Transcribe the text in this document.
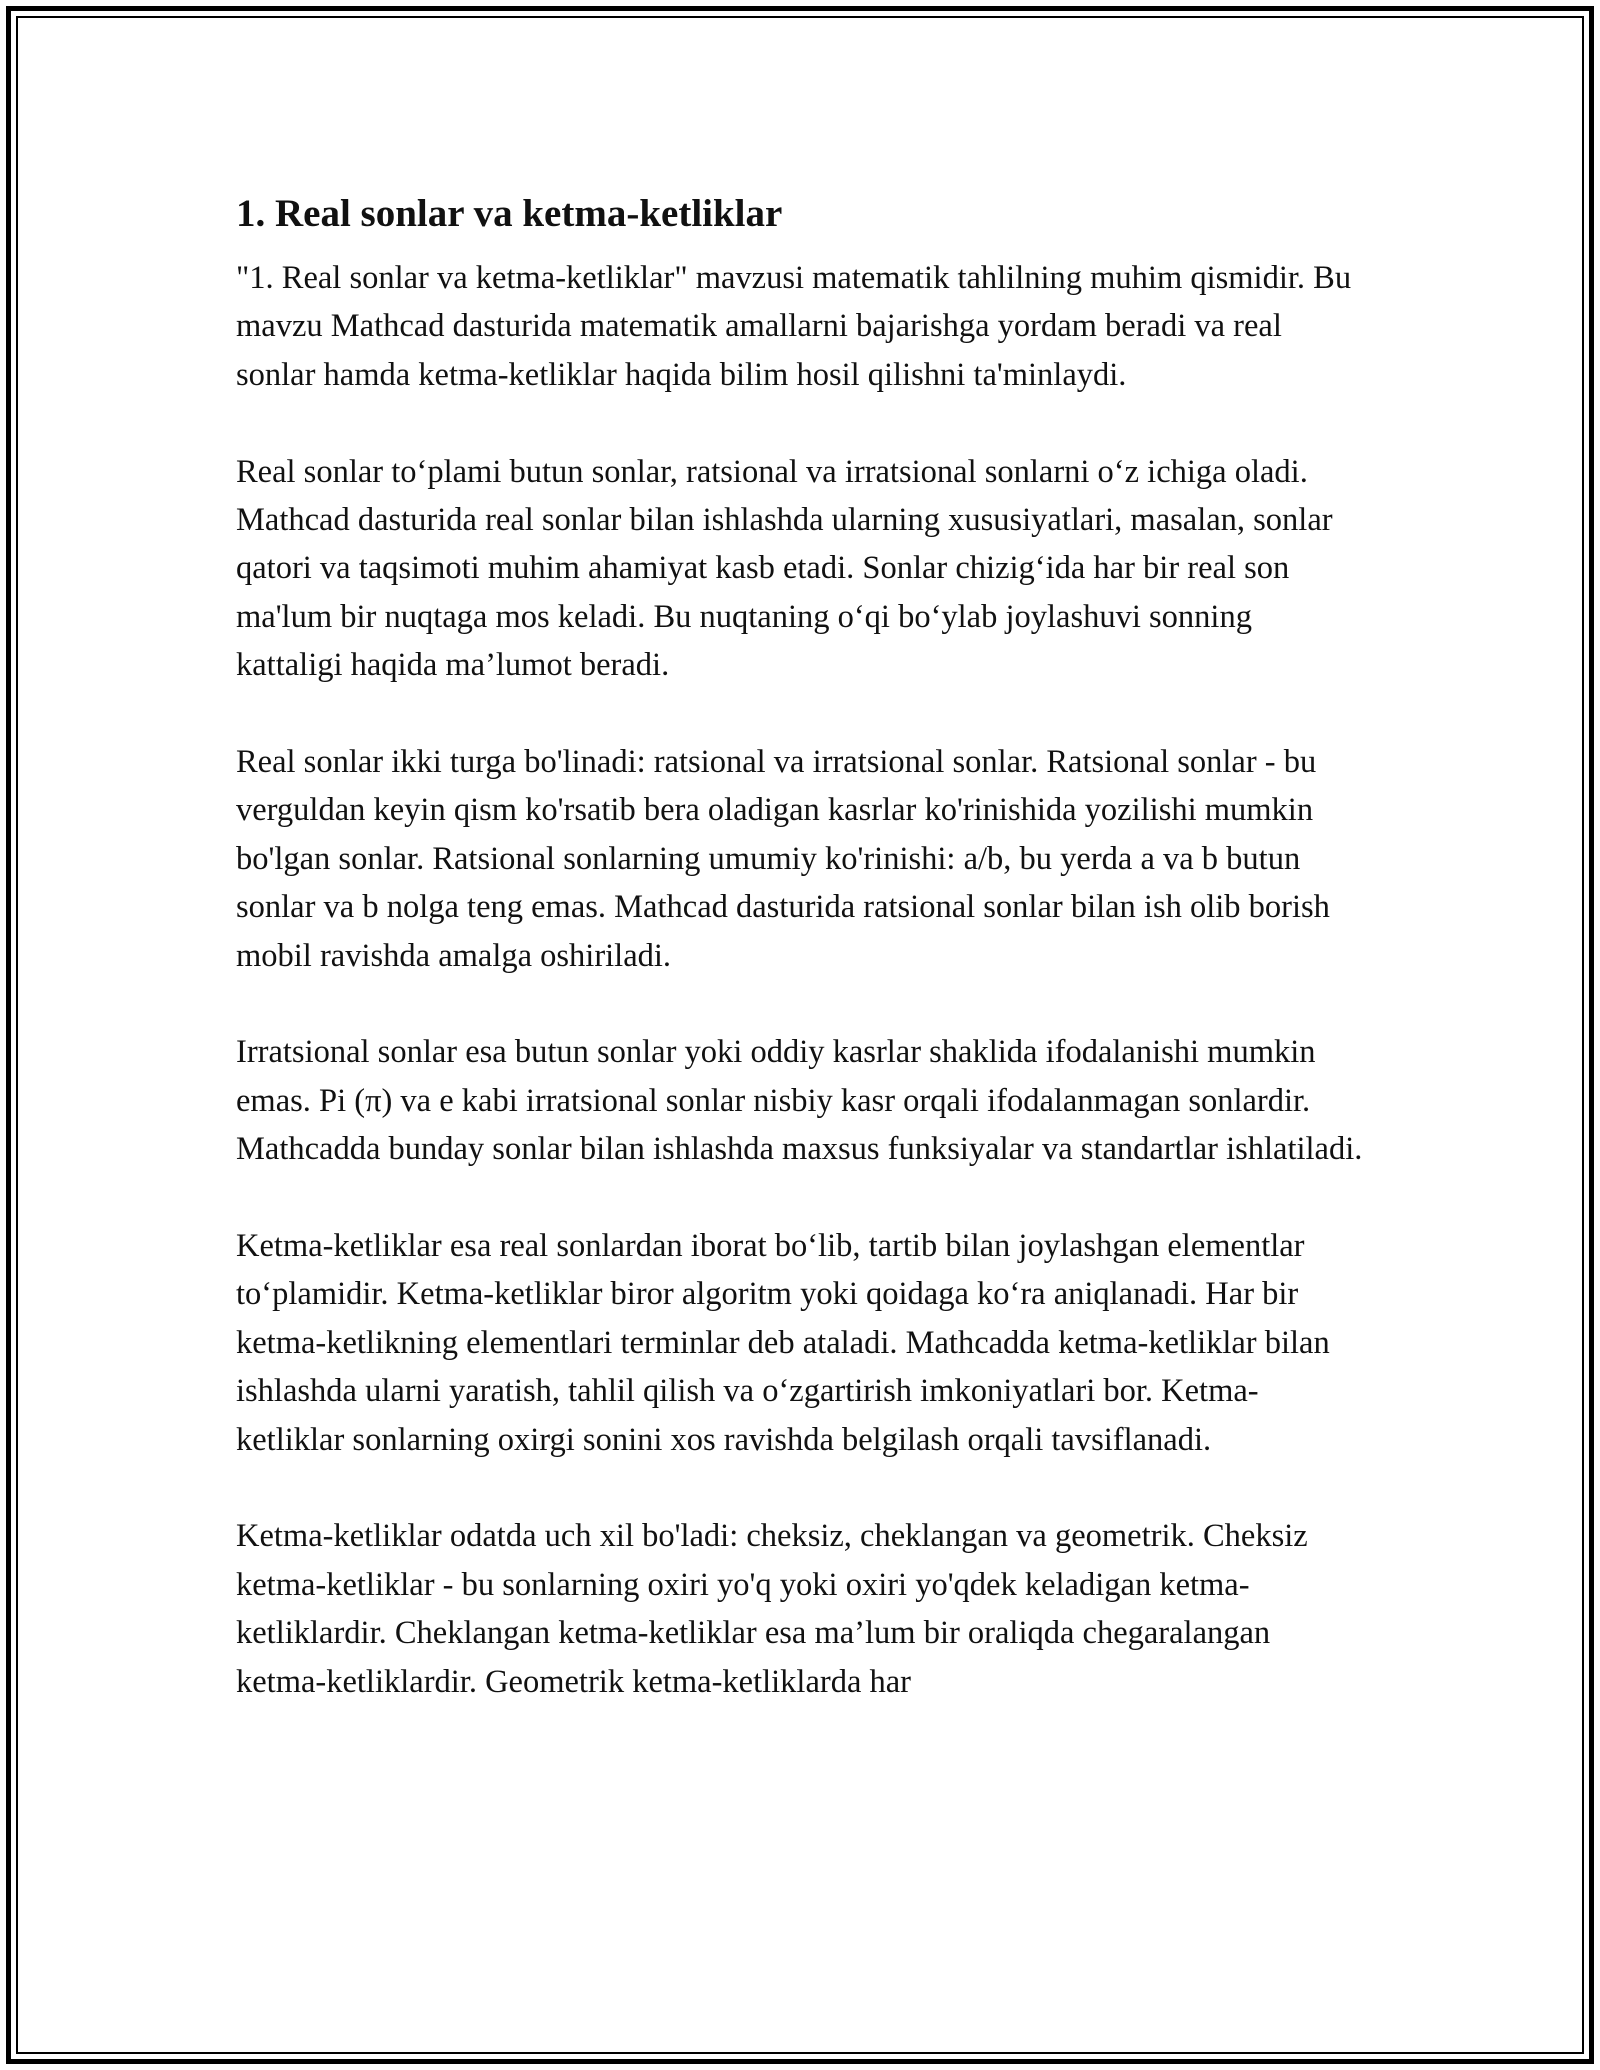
1. Real sonlar va ketma-ketliklar

"1. Real sonlar va ketma-ketliklar" mavzusi matematik tahlilning muhim qismidir. Bu mavzu Mathcad dasturida matematik amallarni bajarishga yordam beradi va real sonlar hamda ketma-ketliklar haqida bilim hosil qilishni ta'minlaydi.

Real sonlar to‘plami butun sonlar, ratsional va irratsional sonlarni o‘z ichiga oladi. Mathcad dasturida real sonlar bilan ishlashda ularning xususiyatlari, masalan, sonlar qatori va taqsimoti muhim ahamiyat kasb etadi. Sonlar chizig‘ida har bir real son ma'lum bir nuqtaga mos keladi. Bu nuqtaning o‘qi bo‘ylab joylashuvi sonning kattaligi haqida ma’lumot beradi.

Real sonlar ikki turga bo'linadi: ratsional va irratsional sonlar. Ratsional sonlar - bu verguldan keyin qism ko'rsatib bera oladigan kasrlar ko'rinishida yozilishi mumkin bo'lgan sonlar. Ratsional sonlarning umumiy ko'rinishi: a/b, bu yerda a va b butun sonlar va b nolga teng emas. Mathcad dasturida ratsional sonlar bilan ish olib borish mobil ravishda amalga oshiriladi.

Irratsional sonlar esa butun sonlar yoki oddiy kasrlar shaklida ifodalanishi mumkin emas. Pi (π) va e kabi irratsional sonlar nisbiy kasr orqali ifodalanmagan sonlardir. Mathcadda bunday sonlar bilan ishlashda maxsus funksiyalar va standartlar ishlatiladi.

Ketma-ketliklar esa real sonlardan iborat bo‘lib, tartib bilan joylashgan elementlar to‘plamidir. Ketma-ketliklar biror algoritm yoki qoidaga ko‘ra aniqlanadi. Har bir ketma-ketlikning elementlari terminlar deb ataladi. Mathcadda ketma-ketliklar bilan ishlashda ularni yaratish, tahlil qilish va o‘zgartirish imkoniyatlari bor. Ketma-ketliklar sonlarning oxirgi sonini xos ravishda belgilash orqali tavsiflanadi.

Ketma-ketliklar odatda uch xil bo'ladi: cheksiz, cheklangan va geometrik. Cheksiz ketma-ketliklar - bu sonlarning oxiri yo'q yoki oxiri yo'qdek keladigan ketma-ketliklardir. Cheklangan ketma-ketliklar esa ma’lum bir oraliqda chegaralangan ketma-ketliklardir. Geometrik ketma-ketliklarda har
